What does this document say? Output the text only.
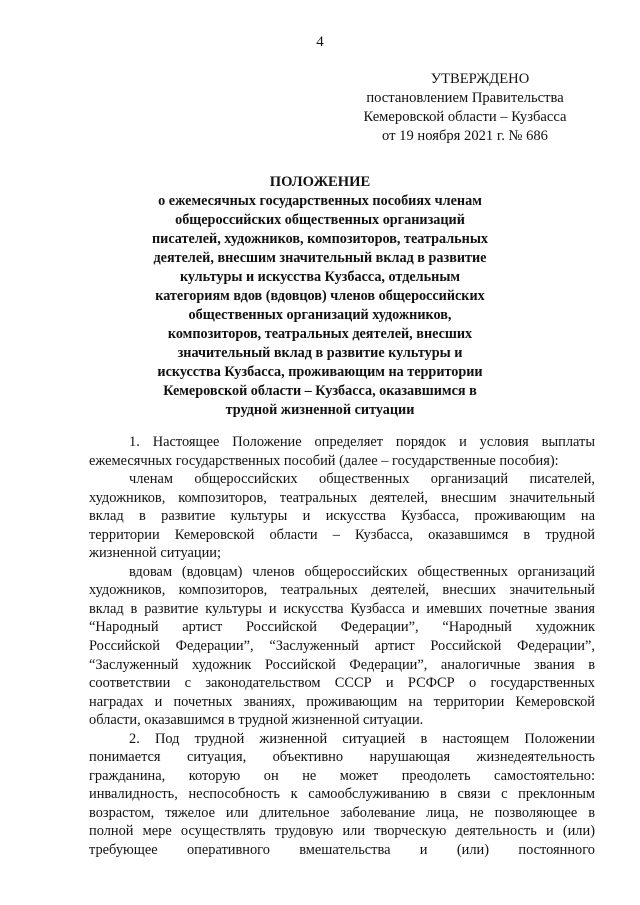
4
УТВЕРЖДЕНО
постановлением Правительства
Кемеровской области – Кузбасса
от 19 ноября 2021 г. № 686
ПОЛОЖЕНИЕ
о ежемесячных государственных пособиях членам
общероссийских общественных организаций
писателей, художников, композиторов, театральных
деятелей, внесшим значительный вклад в развитие
культуры и искусства Кузбасса, отдельным
категориям вдов (вдовцов) членов общероссийских
общественных организаций художников,
композиторов, театральных деятелей, внесших
значительный вклад в развитие культуры и
искусства Кузбасса, проживающим на территории
Кемеровской области – Кузбасса, оказавшимся в
трудной жизненной ситуации
1. Настоящее Положение определяет порядок и условия выплаты
ежемесячных государственных пособий (далее – государственные пособия):
членам общероссийских общественных организаций писателей,
художников, композиторов, театральных деятелей, внесшим значительный
вклад в развитие культуры и искусства Кузбасса, проживающим на
территории Кемеровской области – Кузбасса, оказавшимся в трудной
жизненной ситуации;
вдовам (вдовцам) членов общероссийских общественных организаций
художников, композиторов, театральных деятелей, внесших значительный
вклад в развитие культуры и искусства Кузбасса и имевших почетные звания
“Народный артист Российской Федерации”, “Народный художник
Российской Федерации”, “Заслуженный артист Российской Федерации”,
“Заслуженный художник Российской Федерации”, аналогичные звания в
соответствии с законодательством СССР и РСФСР о государственных
наградах и почетных званиях, проживающим на территории Кемеровской
области, оказавшимся в трудной жизненной ситуации.
2. Под трудной жизненной ситуацией в настоящем Положении
понимается ситуация, объективно нарушающая жизнедеятельность
гражданина, которую он не может преодолеть самостоятельно:
инвалидность, неспособность к самообслуживанию в связи с преклонным
возрастом, тяжелое или длительное заболевание лица, не позволяющее в
полной мере осуществлять трудовую или творческую деятельность и (или)
требующее оперативного вмешательства и (или) постоянного
